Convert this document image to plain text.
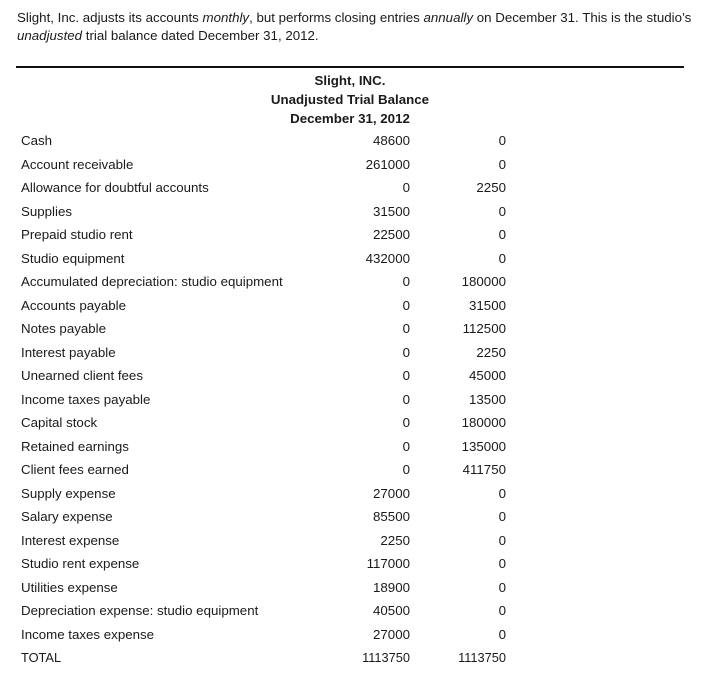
Slight, Inc. adjusts its accounts monthly, but performs closing entries annually on December 31. This is the studio’s unadjusted trial balance dated December 31, 2012.

Slight, INC.
Unadjusted Trial Balance
December 31, 2012
Cash	48600	0
Account receivable	261000	0
Allowance for doubtful accounts	0	2250
Supplies	31500	0
Prepaid studio rent	22500	0
Studio equipment	432000	0
Accumulated depreciation: studio equipment	0	180000
Accounts payable	0	31500
Notes payable	0	112500
Interest payable	0	2250
Unearned client fees	0	45000
Income taxes payable	0	13500
Capital stock	0	180000
Retained earnings	0	135000
Client fees earned	0	411750
Supply expense	27000	0
Salary expense	85500	0
Interest expense	2250	0
Studio rent expense	117000	0
Utilities expense	18900	0
Depreciation expense: studio equipment	40500	0
Income taxes expense	27000	0
TOTAL	1113750	1113750
